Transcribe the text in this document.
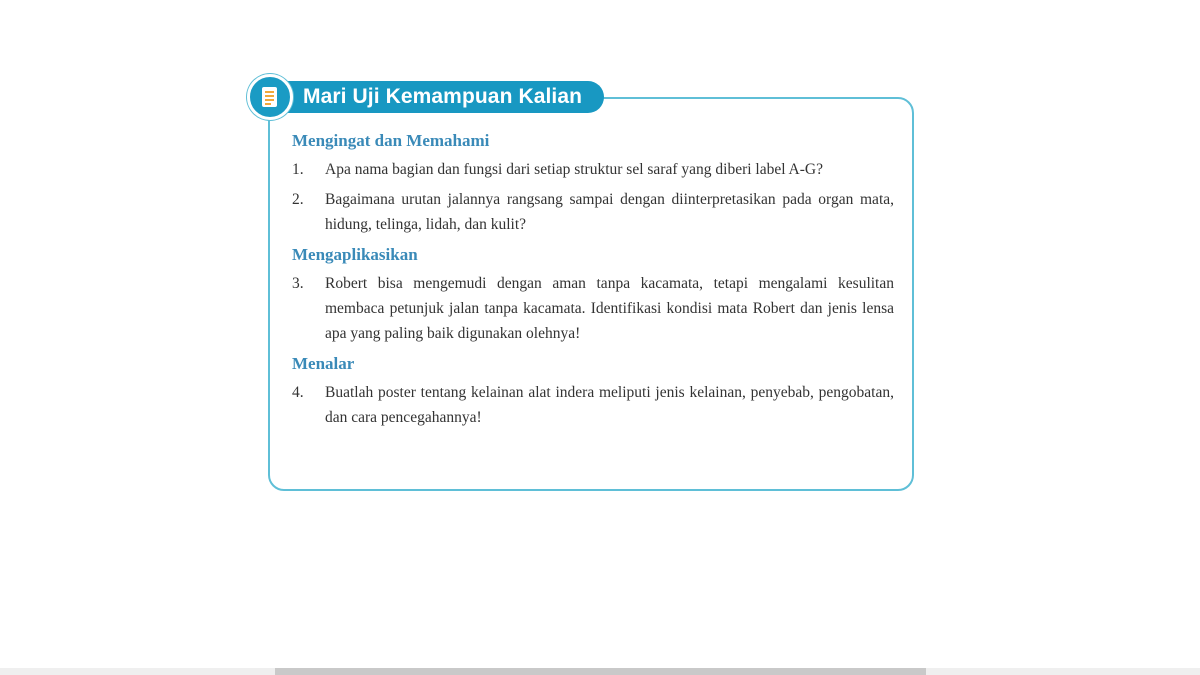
Mari Uji Kemampuan Kalian
Mengingat dan Memahami
1.	Apa nama bagian dan fungsi dari setiap struktur sel saraf yang diberi label A-G?
2.	Bagaimana urutan jalannya rangsang sampai dengan diinterpretasikan pada organ mata, hidung, telinga, lidah, dan kulit?
Mengaplikasikan
3.	Robert bisa mengemudi dengan aman tanpa kacamata, tetapi mengalami kesulitan membaca petunjuk jalan tanpa kacamata. Identifikasi kondisi mata Robert dan jenis lensa apa yang paling baik digunakan olehnya!
Menalar
4.	Buatlah poster tentang kelainan alat indera meliputi jenis kelainan, penyebab, pengobatan, dan cara pencegahannya!
